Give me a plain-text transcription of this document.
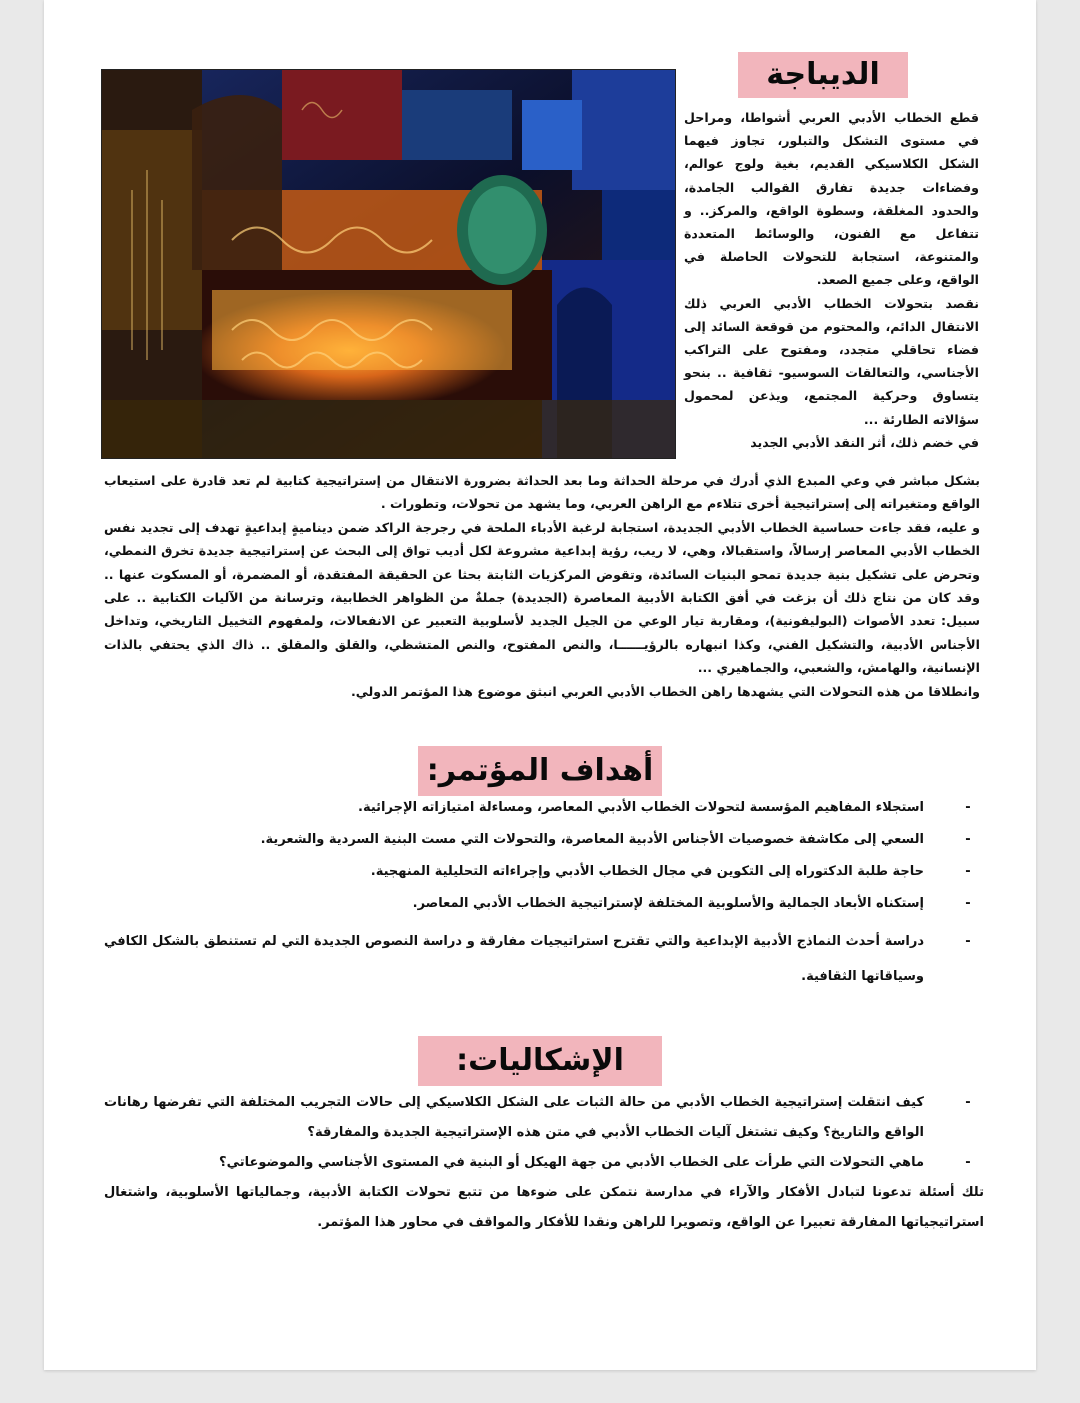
الديباجة

قطع الخطاب الأدبي العربي أشواطا، ومراحل في مستوى التشكل والتبلور، تجاوز فيهما الشكل الكلاسيكي القديم، بغية ولوج عوالم، وفضاءات جديدة تفارق القوالب الجامدة، والحدود المغلقة، وسطوة الواقع، والمركز.. و تتفاعل مع الفنون، والوسائط المتعددة والمتنوعة، استجابة للتحولات الحاصلة في الواقع، وعلى جميع الصعد.

نقصد بتحولات الخطاب الأدبي العربي ذلك الانتقال الدائم، والمحتوم من قوقعة السائد إلى فضاء تحاقلي متجدد، ومفتوح على التراكب الأجناسي، والتعالقات السوسيو- ثقافية .. بنحو يتساوق وحركية المجتمع، ويذعن لمحمول سؤالاته الطارئة ...

في خضم ذلك، أثر النقد الأدبي الجديد

بشكل مباشر في وعي المبدع الذي أدرك في مرحلة الحداثة وما بعد الحداثة بضرورة الانتقال من إستراتيجية كتابية لم تعد قادرة على استيعاب الواقع ومتغيراته إلى إستراتيجية أخرى تتلاءم مع الراهن العربي، وما يشهد من تحولات، وتطورات .

و عليه، فقد جاءت حساسية الخطاب الأدبي الجديدة، استجابة لرغبة الأدباء الملحة في رجرجة الراكد ضمن ديناميةٍ إبداعيةٍ تهدف إلى تجديد نفس الخطاب الأدبي المعاصر إرسالاً، واستقبالا، وهي، لا ريب، رؤية إبداعية مشروعة لكل أديب تواق إلى البحث عن إستراتيجية جديدة تخرق النمطي، وتحرض على تشكيل بنية جديدة تمحو البنيات السائدة، وتقوض المركزيات الثابتة بحثا عن الحقيقة المفتقدة، أو المضمرة، أو المسكوت عنها .. وقد كان من نتاج ذلك أن بزغت في أفق الكتابة الأدبية المعاصرة (الجديدة) جملةٌ من الظواهر الخطابية، وترسانة من الآليات الكتابية .. على سبيل: تعدد الأصوات (البوليفونية)، ومقاربة تيار الوعي من الجيل الجديد لأسلوبية التعبير عن الانفعالات، ولمفهوم التخييل التاريخي، وتداخل الأجناس الأدبية، والتشكيل الفني، وكذا انبهاره بالرؤيــــــا، والنص المفتوح، والنص المتشظي، والقلق والمقلق .. ذاك الذي يحتفي بالذات الإنسانية، والهامش، والشعبي، والجماهيري ...

وانطلاقا من هذه التحولات التي يشهدها راهن الخطاب الأدبي العربي انبثق موضوع هذا المؤتمر الدولي.

أهداف المؤتمر:
-
استجلاء المفاهيم المؤسسة لتحولات الخطاب الأدبي المعاصر، ومساءلة امتيازاته الإجرائية.
-
السعي إلى مكاشفة خصوصيات الأجناس الأدبية المعاصرة، والتحولات التي مست البنية السردية والشعرية.
-
حاجة طلبة الدكتوراه إلى التكوين في مجال الخطاب الأدبي وإجراءاته التحليلية المنهجية.
-
إستكناه الأبعاد الجمالية والأسلوبية المختلفة لإستراتيجية الخطاب الأدبي المعاصر.
-
دراسة أحدث النماذج الأدبية الإبداعية والتي تقترح استراتيجيات مفارقة و دراسة النصوص الجديدة التي لم تستنطق بالشكل الكافي وسياقاتها الثقافية.
الإشكاليات:
-
كيف انتقلت إستراتيجية الخطاب الأدبي من حالة الثبات على الشكل الكلاسيكي إلى حالات التجريب المختلفة التي تفرضها رهانات الواقع والتاريخ؟ وكيف تشتغل آليات الخطاب الأدبي في متن هذه الإستراتيجية الجديدة والمفارقة؟
-
ماهي التحولات التي طرأت على الخطاب الأدبي من جهة الهيكل أو البنية في المستوى الأجناسي والموضوعاتي؟
تلك أسئلة تدعونا لتبادل الأفكار والآراء في مدارسة نتمكن على ضوءها من تتبع تحولات الكتابة الأدبية، وجمالياتها الأسلوبية، واشتغال استراتيجياتها المفارقة تعبيرا عن الواقع، وتصويرا للراهن ونقدا للأفكار والمواقف في محاور هذا المؤتمر.
